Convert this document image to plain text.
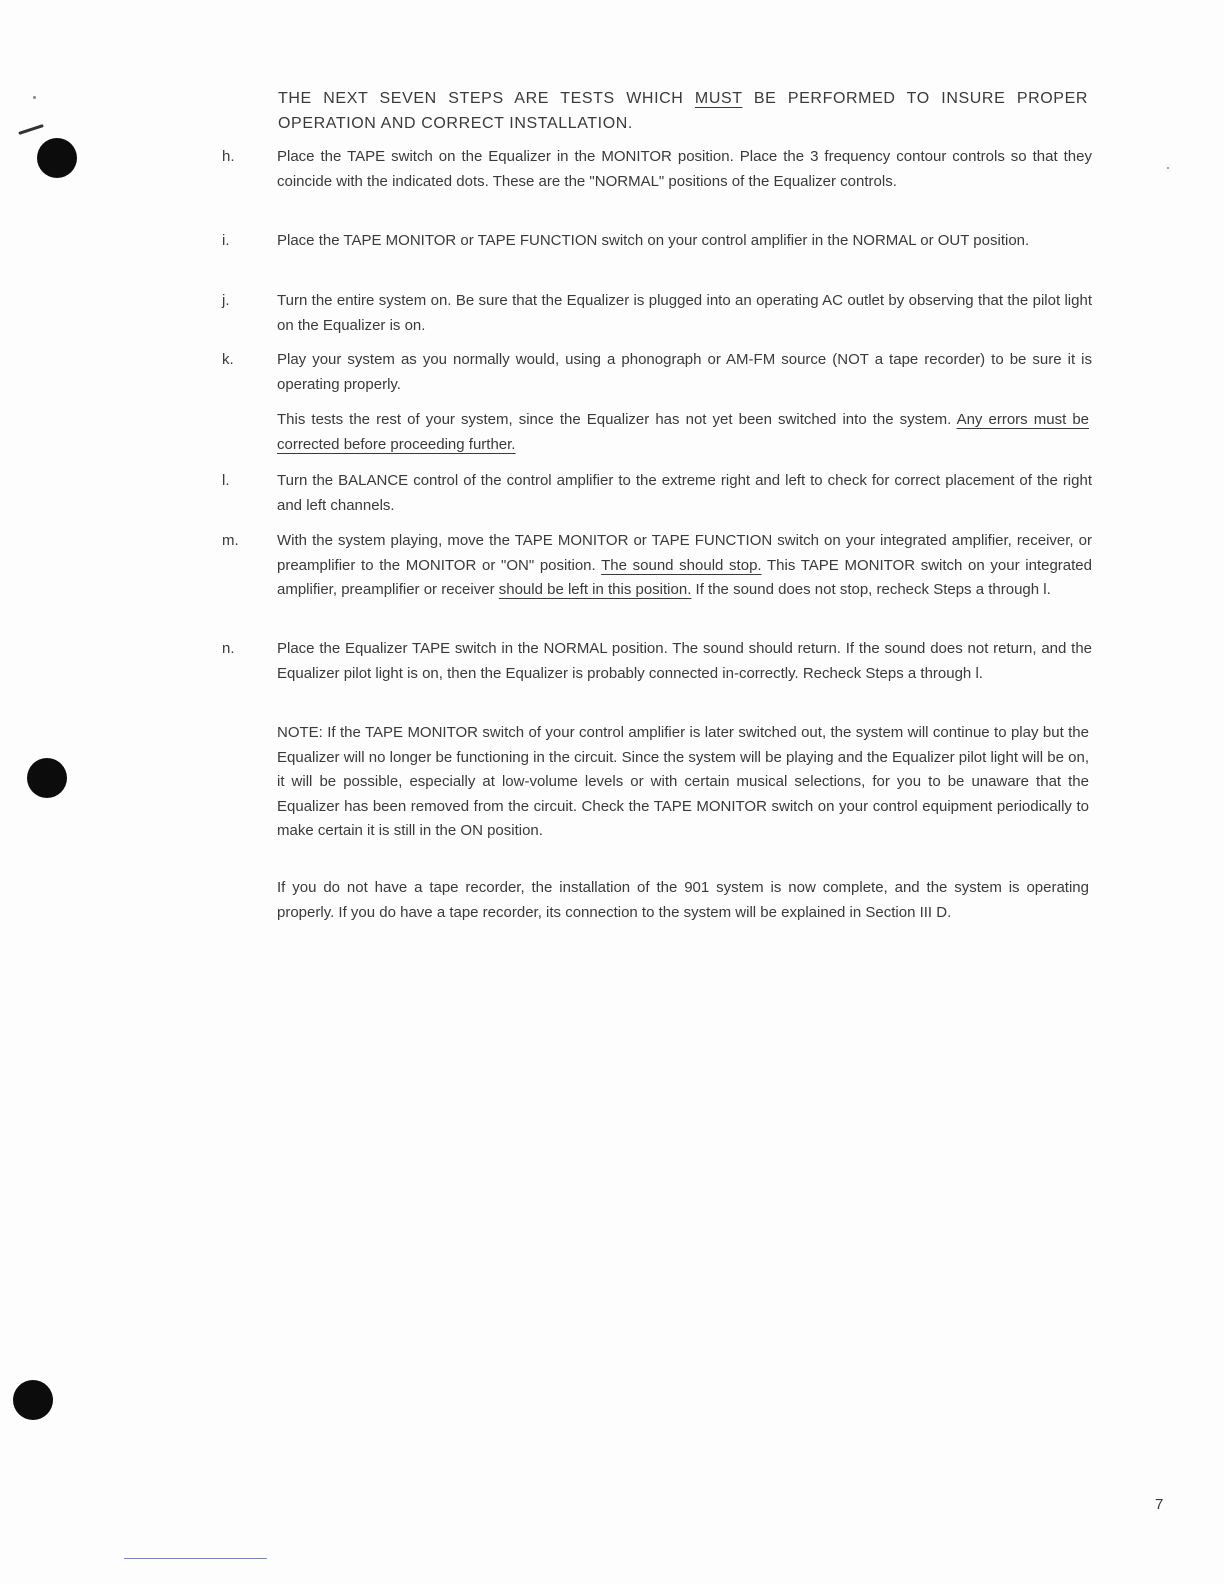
THE NEXT SEVEN STEPS ARE TESTS WHICH MUST BE PERFORMED TO INSURE PROPER OPERATION AND CORRECT INSTALLATION.

h.	Place the TAPE switch on the Equalizer in the MONITOR position. Place the 3 frequency contour controls so that they coincide with the indicated dots. These are the "NORMAL" positions of the Equalizer controls.

i.	Place the TAPE MONITOR or TAPE FUNCTION switch on your control amplifier in the NORMAL or OUT position.

j.	Turn the entire system on. Be sure that the Equalizer is plugged into an operating AC outlet by observing that the pilot light on the Equalizer is on.

k.	Play your system as you normally would, using a phonograph or AM-FM source (NOT a tape recorder) to be sure it is operating properly.

This tests the rest of your system, since the Equalizer has not yet been switched into the system. Any errors must be corrected before proceeding further.

l.	Turn the BALANCE control of the control amplifier to the extreme right and left to check for correct placement of the right and left channels.

m.	With the system playing, move the TAPE MONITOR or TAPE FUNCTION switch on your integrated amplifier, receiver, or preamplifier to the MONITOR or "ON" position. The sound should stop. This TAPE MONITOR switch on your integrated amplifier, preamplifier or receiver should be left in this position. If the sound does not stop, recheck Steps a through l.

n.	Place the Equalizer TAPE switch in the NORMAL position. The sound should return. If the sound does not return, and the Equalizer pilot light is on, then the Equalizer is probably connected in-correctly. Recheck Steps a through l.

NOTE: If the TAPE MONITOR switch of your control amplifier is later switched out, the system will continue to play but the Equalizer will no longer be functioning in the circuit. Since the system will be playing and the Equalizer pilot light will be on, it will be possible, especially at low-volume levels or with certain musical selections, for you to be unaware that the Equalizer has been removed from the circuit. Check the TAPE MONITOR switch on your control equipment periodically to make certain it is still in the ON position.

If you do not have a tape recorder, the installation of the 901 system is now complete, and the system is operating properly. If you do have a tape recorder, its connection to the system will be explained in Section III D.

7
